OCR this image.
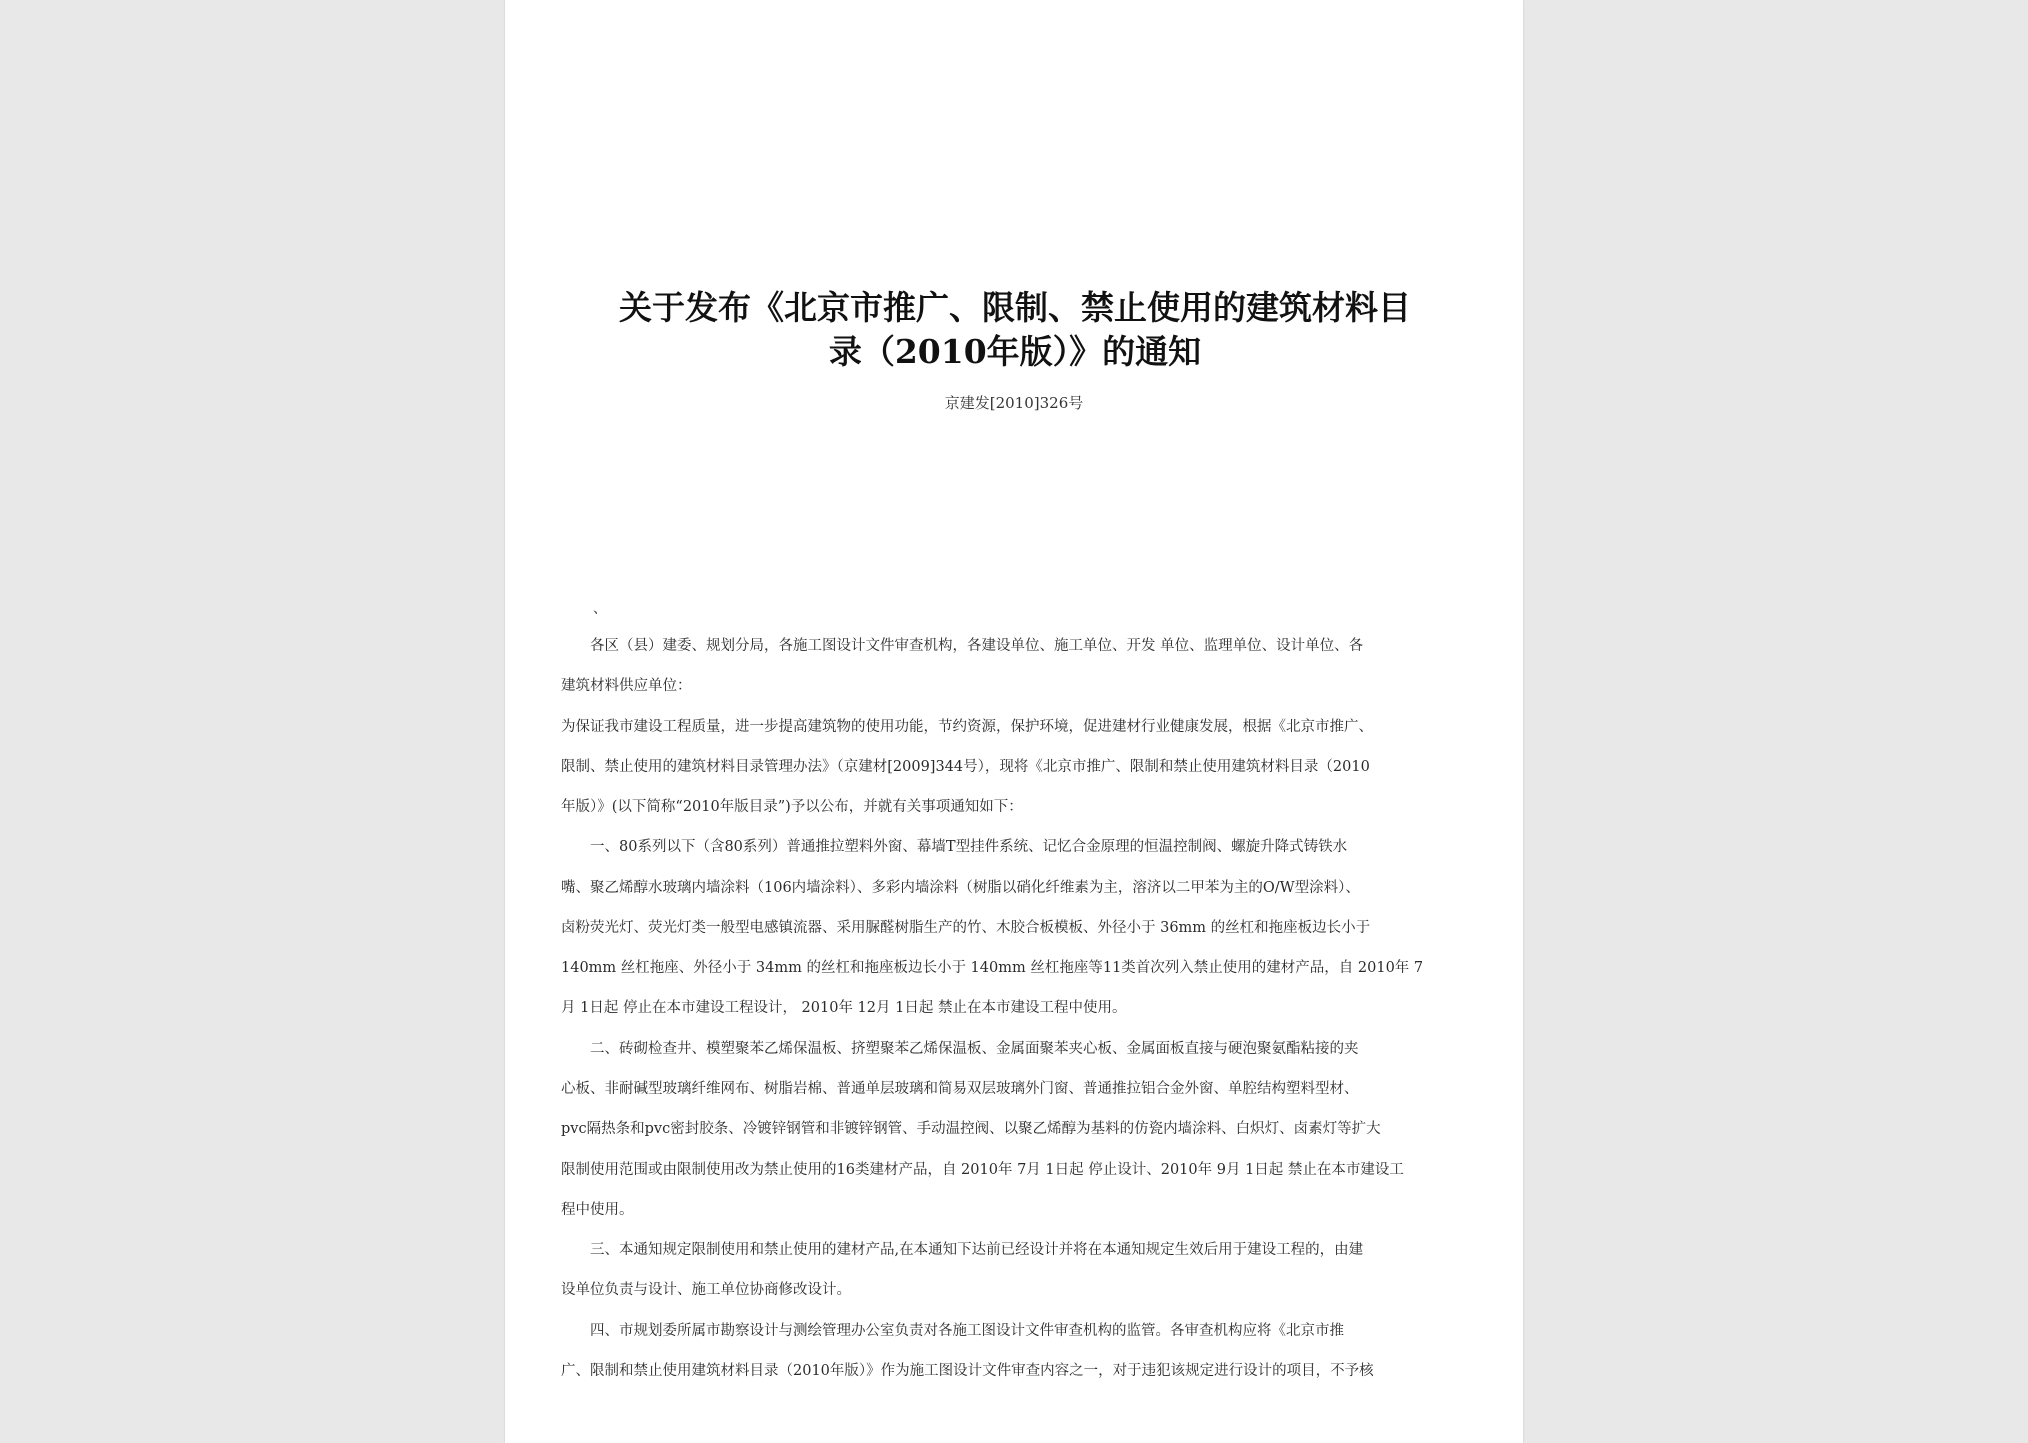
关于发布《北京市推广、限制、禁止使用的建筑材料目
录（2010年版）》的通知
京建发[2010]326号
、
　　各区（县）建委、规划分局，各施工图设计文件审查机构，各建设单位、施工单位、开发 单位、监理单位、设计单位、各
建筑材料供应单位：
为保证我市建设工程质量，进一步提高建筑物的使用功能，节约资源，保护环境，促进建材行业健康发展，根据《北京市推广、
限制、禁止使用的建筑材料目录管理办法》（京建材[2009]344号），现将《北京市推广、限制和禁止使用建筑材料目录（2010
年版）》(以下简称“2010年版目录”)予以公布，并就有关事项通知如下：
　　一、80系列以下（含80系列）普通推拉塑料外窗、幕墙T型挂件系统、记忆合金原理的恒温控制阀、螺旋升降式铸铁水
嘴、聚乙烯醇水玻璃内墙涂料（106内墙涂料）、多彩内墙涂料（树脂以硝化纤维素为主，溶济以二甲苯为主的O/W型涂料）、
卤粉荧光灯、荧光灯类一般型电感镇流器、采用脲醛树脂生产的竹、木胶合板模板、外径小于 36mm 的丝杠和拖座板边长小于
140mm 丝杠拖座、外径小于 34mm 的丝杠和拖座板边长小于 140mm 丝杠拖座等11类首次列入禁止使用的建材产品，自 2010年 7
月 1日起 停止在本市建设工程设计， 2010年 12月 1日起 禁止在本市建设工程中使用。
　　二、砖砌检查井、模塑聚苯乙烯保温板、挤塑聚苯乙烯保温板、金属面聚苯夹心板、金属面板直接与硬泡聚氨酯粘接的夹
心板、非耐碱型玻璃纤维网布、树脂岩棉、普通单层玻璃和简易双层玻璃外门窗、普通推拉铝合金外窗、单腔结构塑料型材、
pvc隔热条和pvc密封胶条、冷镀锌钢管和非镀锌钢管、手动温控阀、以聚乙烯醇为基料的仿瓷内墙涂料、白炽灯、卤素灯等扩大
限制使用范围或由限制使用改为禁止使用的16类建材产品，自 2010年 7月 1日起 停止设计、2010年 9月 1日起 禁止在本市建设工
程中使用。
　　三、本通知规定限制使用和禁止使用的建材产品,在本通知下达前已经设计并将在本通知规定生效后用于建设工程的，由建
设单位负责与设计、施工单位协商修改设计。
　　四、市规划委所属市勘察设计与测绘管理办公室负责对各施工图设计文件审查机构的监管。各审查机构应将《北京市推
广、限制和禁止使用建筑材料目录（2010年版）》作为施工图设计文件审查内容之一，对于违犯该规定进行设计的项目，不予核
